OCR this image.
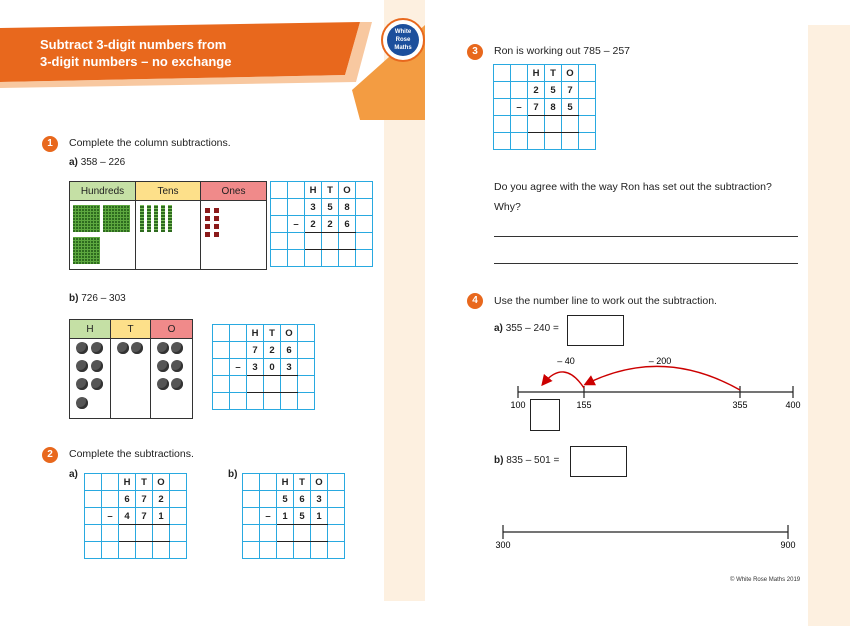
Subtract 3-digit numbers from
3-digit numbers – no exchange
White
Rose
Maths
1	Complete the column subtractions.
a) 358 – 226
Hundreds	Tens	Ones
			H	T	O	
		3	5	8	
	–	2	2	6	

b) 726 – 303
H	T	O
			H	T	O	
		7	2	6	
	–	3	0	3	

2	Complete the subtractions.
a)
		H	T	O	
		6	7	2	
	–	4	7	1	

b)
		H	T	O	
		5	6	3	
	–	1	5	1	

3	Ron is working out 785 – 257
		H	T	O	
		2	5	7	
	–	7	8	5	

Do you agree with the way Ron has set out the subtraction?
Why?
4	Use the number line to work out the subtraction.
a) 355 – 240 =
– 40	– 200
100	155	355	400
b) 835 – 501 =
300	900
© White Rose Maths 2019
